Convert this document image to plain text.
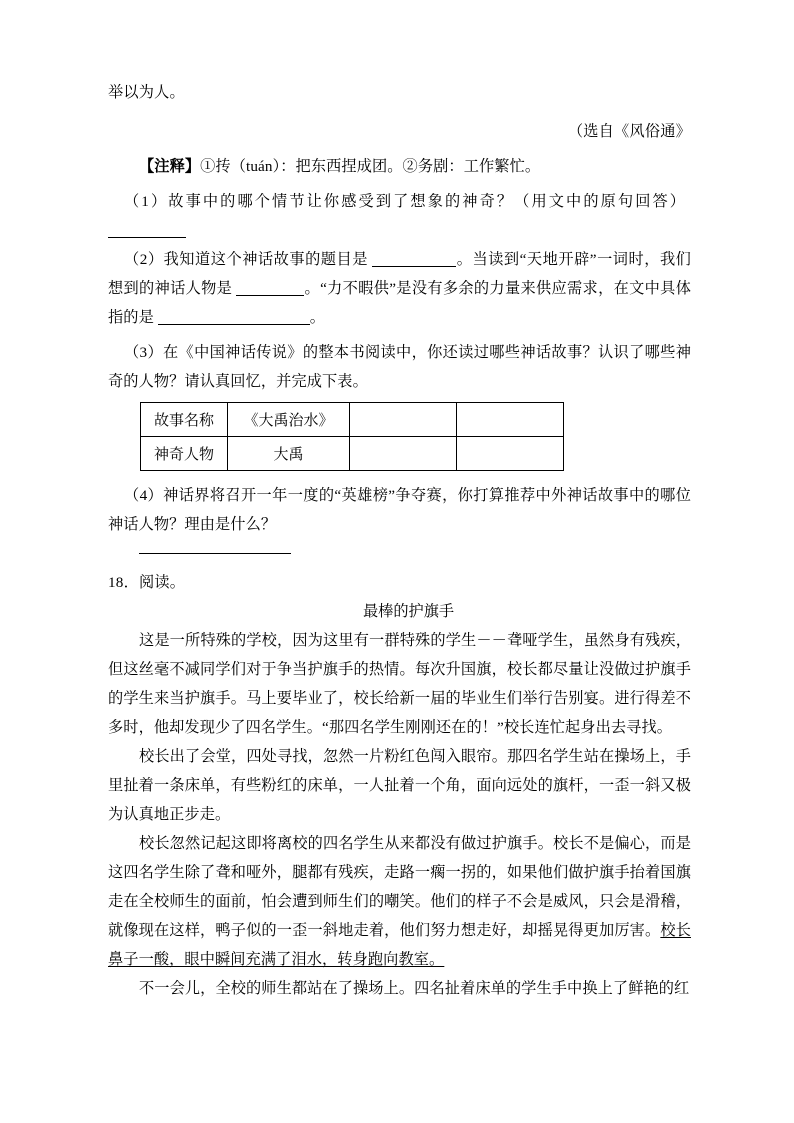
举以为人。
（选自《风俗通》
【注释】①抟（tuán）：把东西捏成团。②务剧：工作繁忙。
（1）故事中的哪个情节让你感受到了想象的神奇？（用文中的原句回答）
（2）我知道这个神话故事的题目是	。当读到“天地开辟”一词时，我们想到的神话人物是	。“力不暇供”是没有多余的力量来供应需求，在文中具体指的是	。
（3）在《中国神话传说》的整本书阅读中，你还读过哪些神话故事？认识了哪些神奇的人物？请认真回忆，并完成下表。
故事名称	《大禹治水》		
神奇人物	大禹		
（4）神话界将召开一年一度的“英雄榜”争夺赛，你打算推荐中外神话故事中的哪位神话人物？理由是什么？
18．阅读。
最棒的护旗手
这是一所特殊的学校，因为这里有一群特殊的学生－－聋哑学生，虽然身有残疾，但这丝毫不减同学们对于争当护旗手的热情。每次升国旗，校长都尽量让没做过护旗手的学生来当护旗手。马上要毕业了，校长给新一届的毕业生们举行告别宴。进行得差不多时，他却发现少了四名学生。“那四名学生刚刚还在的！”校长连忙起身出去寻找。
校长出了会堂，四处寻找，忽然一片粉红色闯入眼帘。那四名学生站在操场上，手里扯着一条床单，有些粉红的床单，一人扯着一个角，面向远处的旗杆，一歪一斜又极为认真地正步走。
校长忽然记起这即将离校的四名学生从来都没有做过护旗手。校长不是偏心，而是这四名学生除了聋和哑外，腿都有残疾，走路一瘸一拐的，如果他们做护旗手抬着国旗走在全校师生的面前，怕会遭到师生们的嘲笑。他们的样子不会是威风，只会是滑稽，就像现在这样，鸭子似的一歪一斜地走着，他们努力想走好，却摇晃得更加厉害。校长鼻子一酸，眼中瞬间充满了泪水，转身跑向教室。
不一会儿，全校的师生都站在了操场上。四名扯着床单的学生手中换上了鲜艳的红
